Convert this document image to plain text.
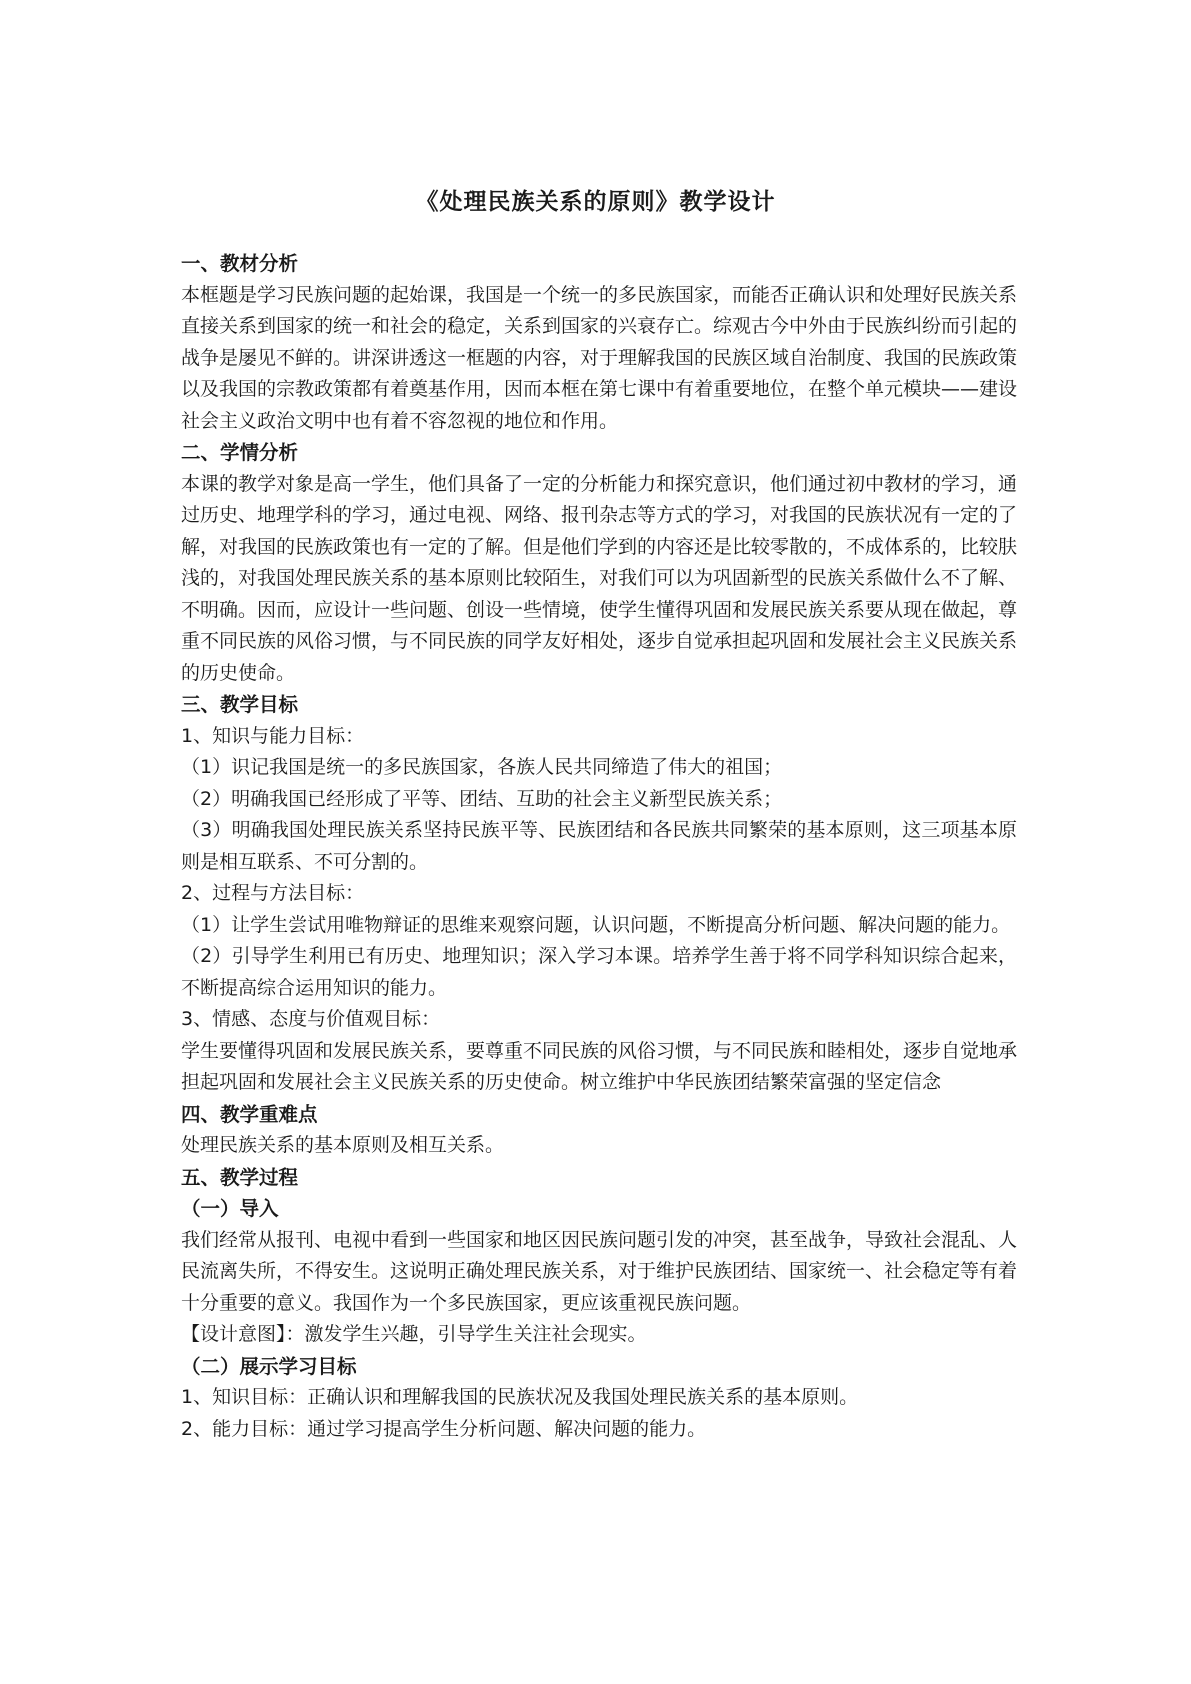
《处理民族关系的原则》教学设计
一、教材分析
本框题是学习民族问题的起始课，我国是一个统一的多民族国家，而能否正确认识和处理好民族关系直接关系到国家的统一和社会的稳定，关系到国家的兴衰存亡。综观古今中外由于民族纠纷而引起的战争是屡见不鲜的。讲深讲透这一框题的内容，对于理解我国的民族区域自治制度、我国的民族政策以及我国的宗教政策都有着奠基作用，因而本框在第七课中有着重要地位，在整个单元模块——建设社会主义政治文明中也有着不容忽视的地位和作用。
二、学情分析
本课的教学对象是高一学生，他们具备了一定的分析能力和探究意识，他们通过初中教材的学习，通过历史、地理学科的学习，通过电视、网络、报刊杂志等方式的学习，对我国的民族状况有一定的了解，对我国的民族政策也有一定的了解。但是他们学到的内容还是比较零散的，不成体系的，比较肤浅的，对我国处理民族关系的基本原则比较陌生，对我们可以为巩固新型的民族关系做什么不了解、不明确。因而，应设计一些问题、创设一些情境，使学生懂得巩固和发展民族关系要从现在做起，尊重不同民族的风俗习惯，与不同民族的同学友好相处，逐步自觉承担起巩固和发展社会主义民族关系的历史使命。
三、教学目标
1、知识与能力目标：
（1）识记我国是统一的多民族国家，各族人民共同缔造了伟大的祖国；
（2）明确我国已经形成了平等、团结、互助的社会主义新型民族关系；
（3）明确我国处理民族关系坚持民族平等、民族团结和各民族共同繁荣的基本原则，这三项基本原则是相互联系、不可分割的。
2、过程与方法目标：
（1）让学生尝试用唯物辩证的思维来观察问题，认识问题，不断提高分析问题、解决问题的能力。
（2）引导学生利用已有历史、地理知识；深入学习本课。培养学生善于将不同学科知识综合起来，不断提高综合运用知识的能力。
3、情感、态度与价值观目标：
学生要懂得巩固和发展民族关系，要尊重不同民族的风俗习惯，与不同民族和睦相处，逐步自觉地承担起巩固和发展社会主义民族关系的历史使命。树立维护中华民族团结繁荣富强的坚定信念
四、教学重难点
处理民族关系的基本原则及相互关系。
五、教学过程
（一）导入
我们经常从报刊、电视中看到一些国家和地区因民族问题引发的冲突，甚至战争，导致社会混乱、人民流离失所，不得安生。这说明正确处理民族关系，对于维护民族团结、国家统一、社会稳定等有着十分重要的意义。我国作为一个多民族国家，更应该重视民族问题。
【设计意图】：激发学生兴趣，引导学生关注社会现实。
（二）展示学习目标
1、知识目标：正确认识和理解我国的民族状况及我国处理民族关系的基本原则。
2、能力目标：通过学习提高学生分析问题、解决问题的能力。
